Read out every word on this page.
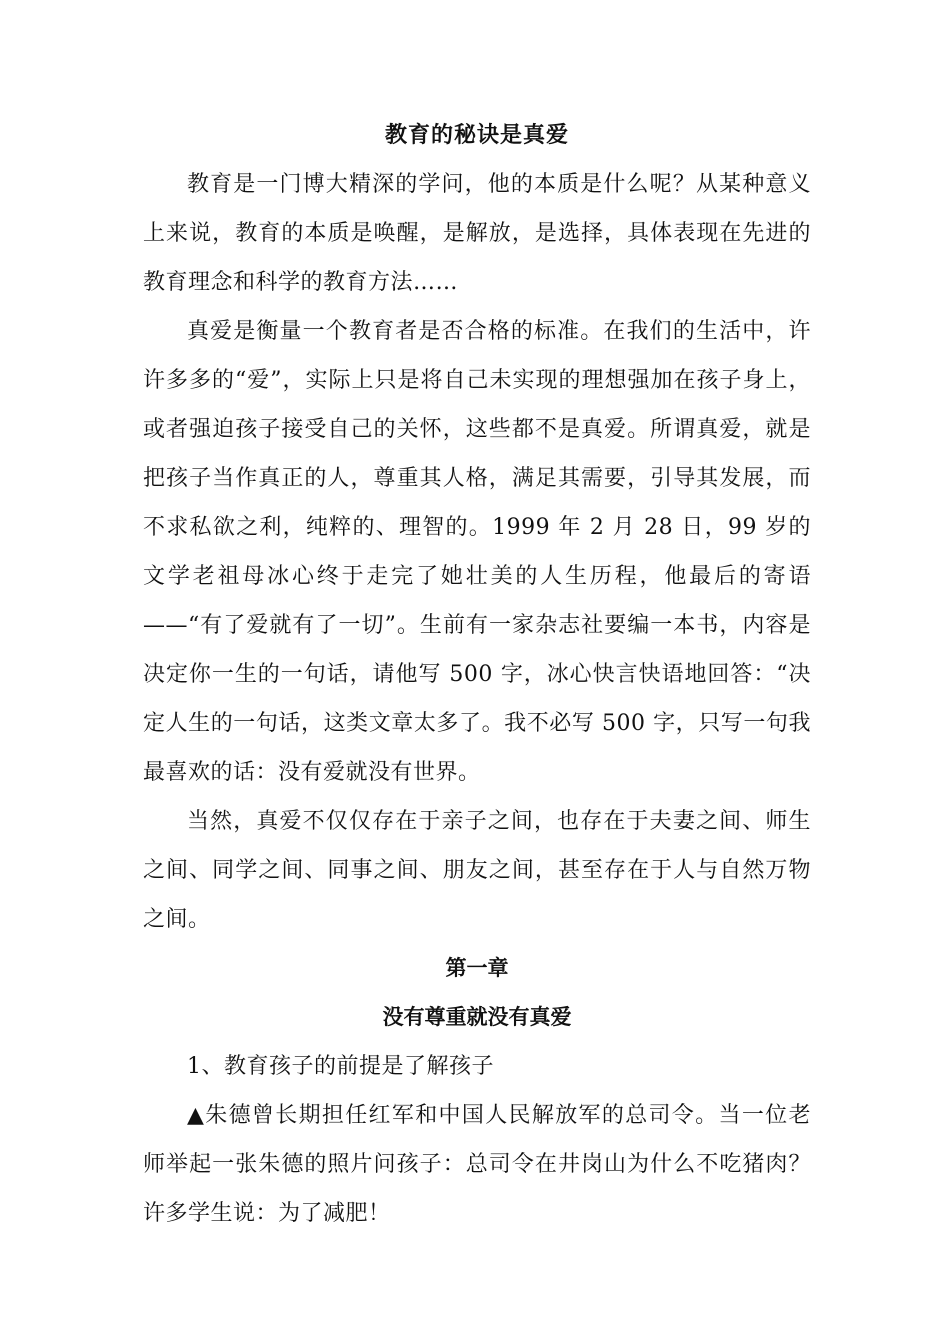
教育的秘诀是真爱

教育是一门博大精深的学问，他的本质是什么呢？从某种意义上来说，教育的本质是唤醒，是解放，是选择，具体表现在先进的教育理念和科学的教育方法……

真爱是衡量一个教育者是否合格的标准。在我们的生活中，许许多多的“爱”，实际上只是将自己未实现的理想强加在孩子身上，或者强迫孩子接受自己的关怀，这些都不是真爱。所谓真爱，就是把孩子当作真正的人，尊重其人格，满足其需要，引导其发展，而不求私欲之利，纯粹的、理智的。1999 年 2 月 28 日，99 岁的文学老祖母冰心终于走完了她壮美的人生历程，他最后的寄语——“有了爱就有了一切”。生前有一家杂志社要编一本书，内容是决定你一生的一句话，请他写 500 字，冰心快言快语地回答：“决定人生的一句话，这类文章太多了。我不必写 500 字，只写一句我最喜欢的话：没有爱就没有世界。

当然，真爱不仅仅存在于亲子之间，也存在于夫妻之间、师生之间、同学之间、同事之间、朋友之间，甚至存在于人与自然万物之间。

第一章
没有尊重就没有真爱

1、教育孩子的前提是了解孩子

▲朱德曾长期担任红军和中国人民解放军的总司令。当一位老师举起一张朱德的照片问孩子：总司令在井岗山为什么不吃猪肉？许多学生说：为了减肥！
